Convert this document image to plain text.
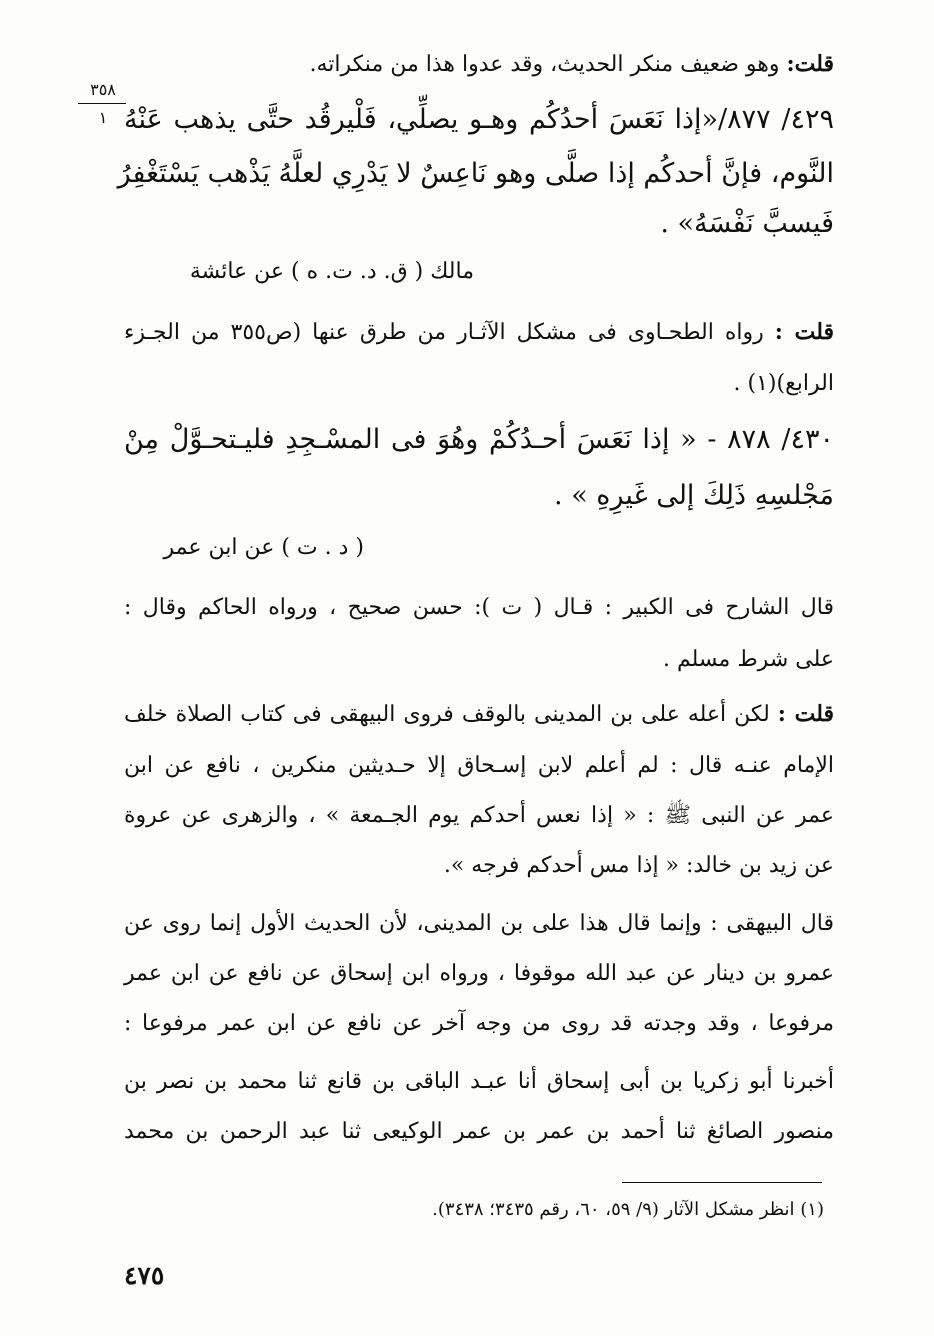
٣٥٨
١
قلت: وهو ضعيف منكر الحديث، وقد عدوا هذا من منكراته.
٤٢٩/ ٨٧٧/«إذا نَعَسَ أحدُكُم وهـو يصلِّي، فَلْيرقُد حتَّى يذهب عَنْهُ
النَّوم، فإنَّ أحدكُم إذا صلَّى وهو نَاعِسٌ لا يَدْرِي لعلَّهُ يَذْهب يَسْتَغْفِرُ
فَيسبَّ نَفْسَهُ» .
مالك ( ق. د. ت. ه ) عن عائشة
قلت : رواه الطحـاوى فى مشكل الآثـار من طرق عنها (ص٣٥٥ من الجـزء
الرابع)(١) .
٤٣٠/ ٨٧٨ - « إذا نَعَسَ أحـدُكُمْ وهُوَ فى المسْـجِدِ فليـتحـوَّلْ مِنْ
مَجْلسِهِ ذَلِكَ إلى غَيرِهِ » .
( د . ت ) عن ابن عمر
قال الشارح فى الكبير : قـال ( ت ): حسن صحيح ، ورواه الحاكم وقال :
على شرط مسلم .
قلت : لكن أعله على بن المدينى بالوقف فروى البيهقى فى كتاب الصلاة خلف
الإمام عنـه قال : لم أعلم لابن إسـحاق إلا حـديثين منكرين ، نافع عن ابن
عمر عن النبى ﷺ : « إذا نعس أحدكم يوم الجـمعة » ، والزهرى عن عروة
عن زيد بن خالد: « إذا مس أحدكم فرجه ».
قال البيهقى : وإنما قال هذا على بن المدينى، لأن الحديث الأول إنما روى عن
عمرو بن دينار عن عبد الله موقوفا ، ورواه ابن إسحاق عن نافع عن ابن عمر
مرفوعا ، وقد وجدته قد روى من وجه آخر عن نافع عن ابن عمر مرفوعا :
أخبرنا أبو زكريا بن أبى إسحاق أنا عبـد الباقى بن قانع ثنا محمد بن نصر بن
منصور الصائغ ثنا أحمد بن عمر بن عمر الوكيعى ثنا عبد الرحمن بن محمد
(١) انظر مشكل الآثار (٩/ ٥٩، ٦٠، رقم ٣٤٣٥؛ ٣٤٣٨).
٤٧٥
